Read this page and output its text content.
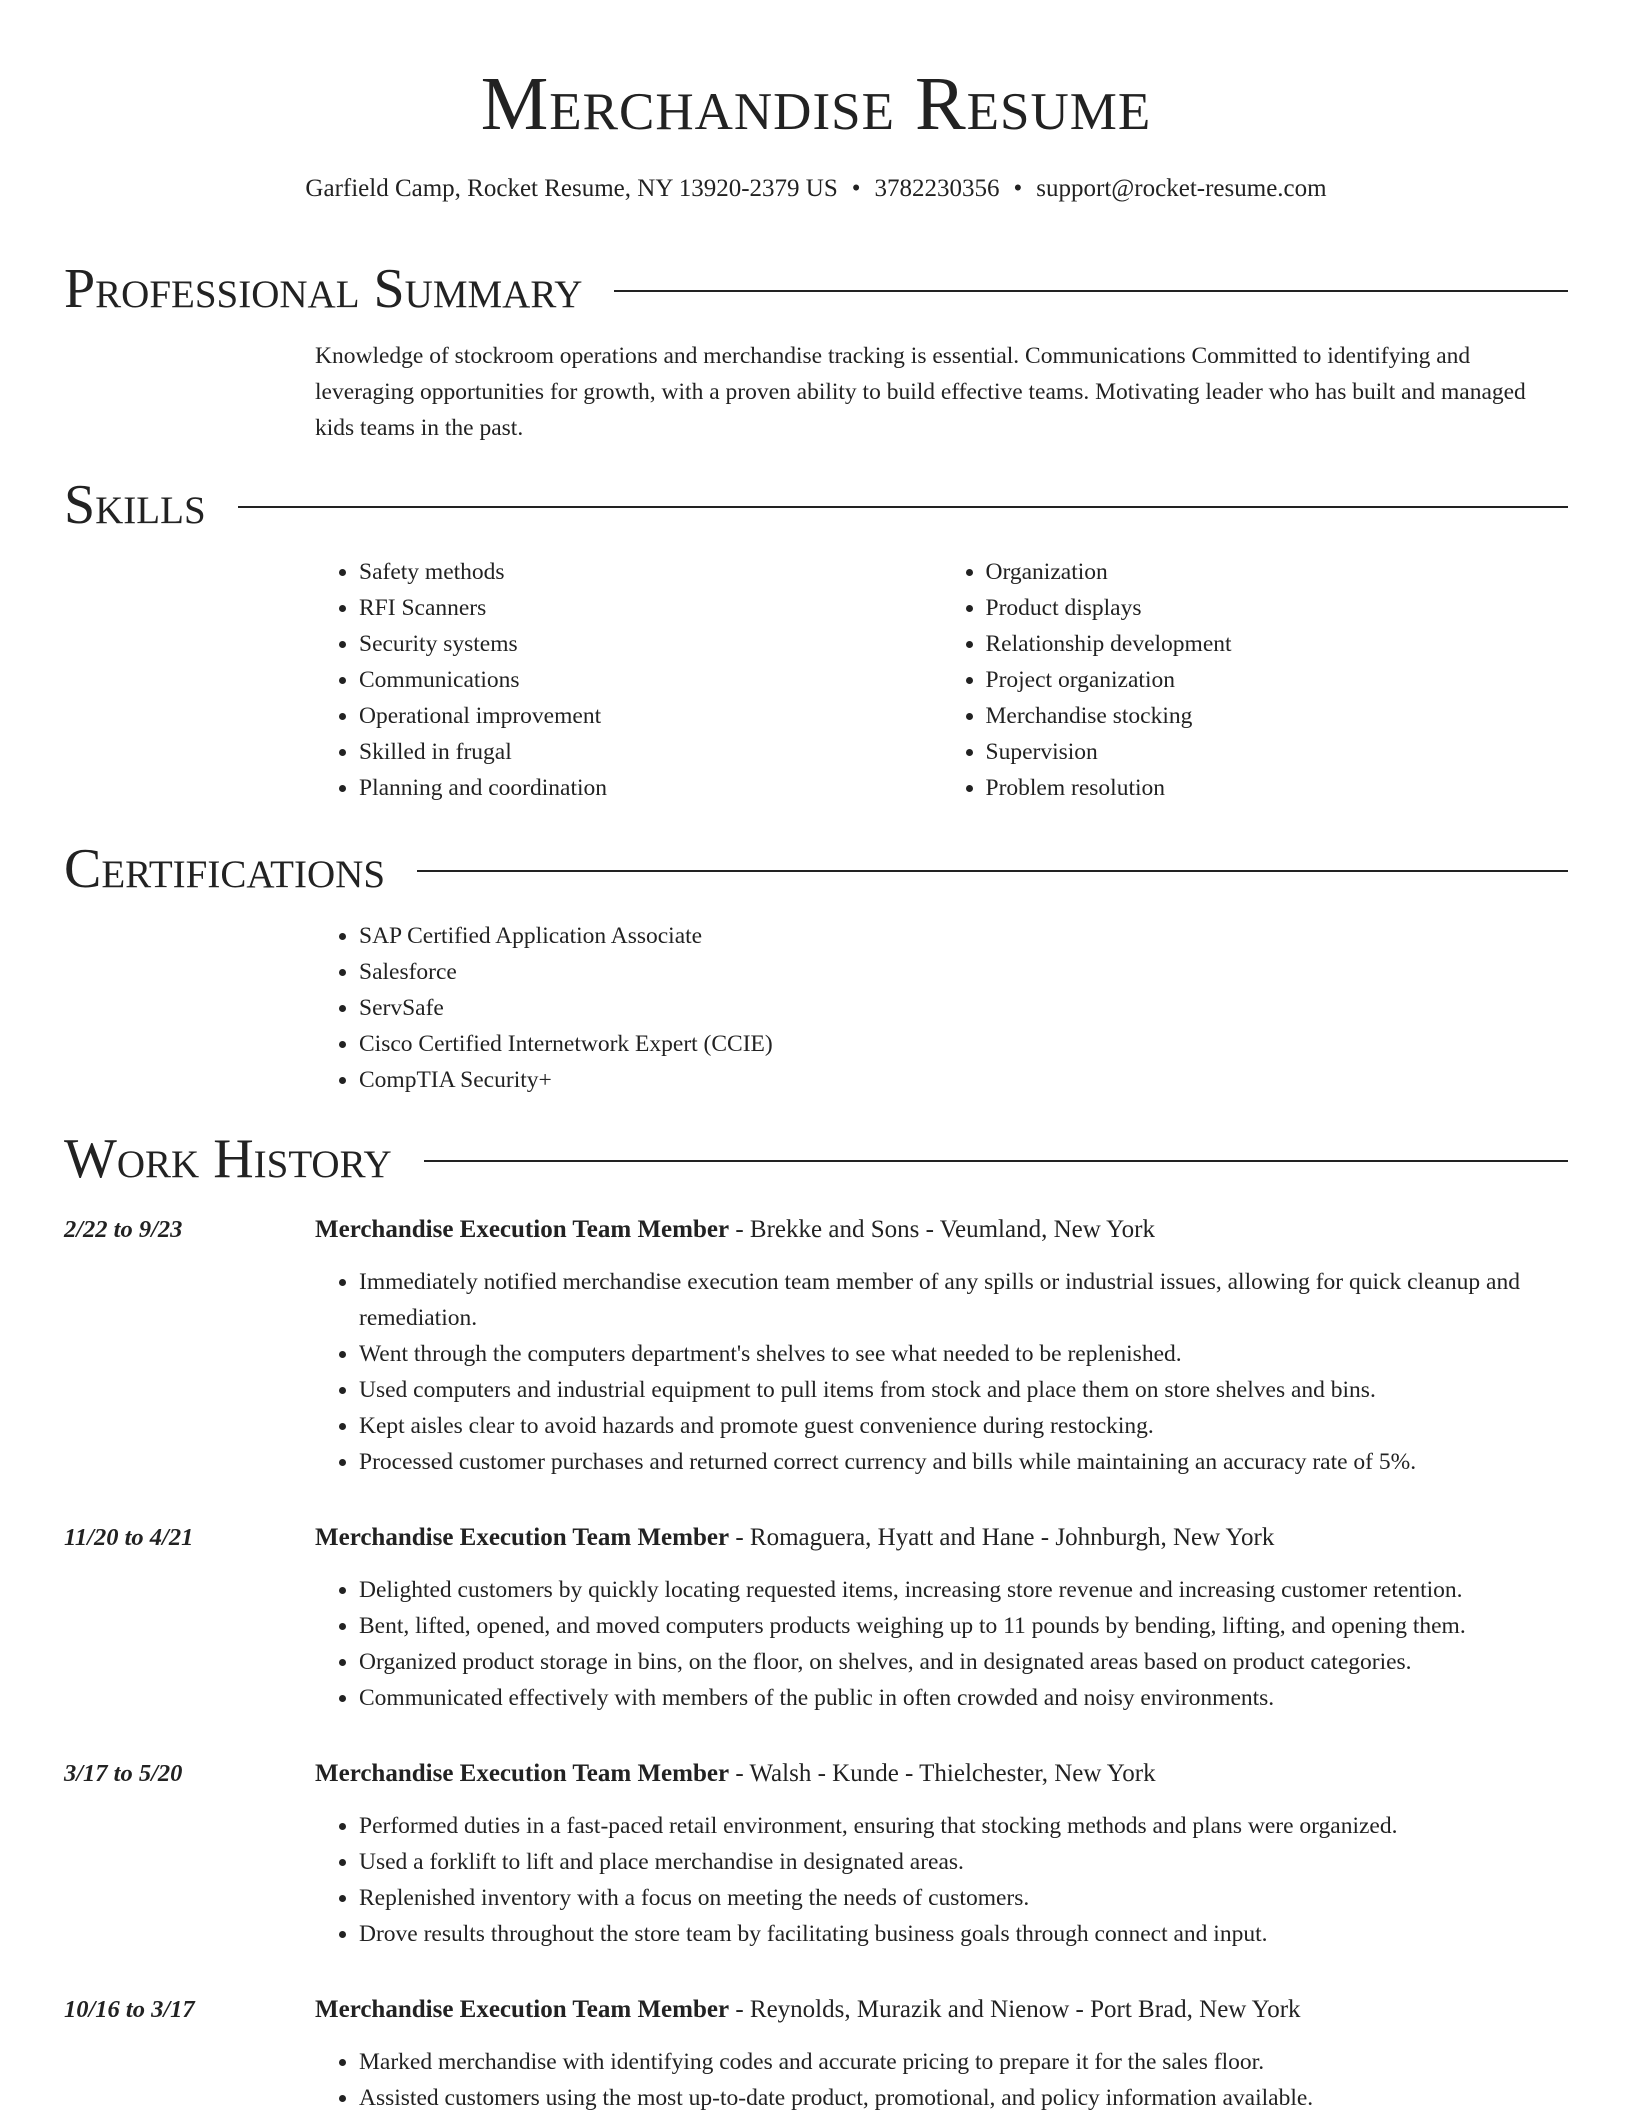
Merchandise Resume
Garfield Camp, Rocket Resume, NY 13920-2379 US • 3782230356 • support@rocket-resume.com
Professional Summary
Knowledge of stockroom operations and merchandise tracking is essential. Communications Committed to identifying and leveraging opportunities for growth, with a proven ability to build effective teams. Motivating leader who has built and managed kids teams in the past.
Skills
• Safety methods
• RFI Scanners
• Security systems
• Communications
• Operational improvement
• Skilled in frugal
• Planning and coordination
• Organization
• Product displays
• Relationship development
• Project organization
• Merchandise stocking
• Supervision
• Problem resolution
Certifications
• SAP Certified Application Associate
• Salesforce
• ServSafe
• Cisco Certified Internetwork Expert (CCIE)
• CompTIA Security+
Work History
2/22 to 9/23	Merchandise Execution Team Member - Brekke and Sons - Veumland, New York
• Immediately notified merchandise execution team member of any spills or industrial issues, allowing for quick cleanup and remediation.
• Went through the computers department's shelves to see what needed to be replenished.
• Used computers and industrial equipment to pull items from stock and place them on store shelves and bins.
• Kept aisles clear to avoid hazards and promote guest convenience during restocking.
• Processed customer purchases and returned correct currency and bills while maintaining an accuracy rate of 5%.
11/20 to 4/21	Merchandise Execution Team Member - Romaguera, Hyatt and Hane - Johnburgh, New York
• Delighted customers by quickly locating requested items, increasing store revenue and increasing customer retention.
• Bent, lifted, opened, and moved computers products weighing up to 11 pounds by bending, lifting, and opening them.
• Organized product storage in bins, on the floor, on shelves, and in designated areas based on product categories.
• Communicated effectively with members of the public in often crowded and noisy environments.
3/17 to 5/20	Merchandise Execution Team Member - Walsh - Kunde - Thielchester, New York
• Performed duties in a fast-paced retail environment, ensuring that stocking methods and plans were organized.
• Used a forklift to lift and place merchandise in designated areas.
• Replenished inventory with a focus on meeting the needs of customers.
• Drove results throughout the store team by facilitating business goals through connect and input.
10/16 to 3/17	Merchandise Execution Team Member - Reynolds, Murazik and Nienow - Port Brad, New York
• Marked merchandise with identifying codes and accurate pricing to prepare it for the sales floor.
• Assisted customers using the most up-to-date product, promotional, and policy information available.
